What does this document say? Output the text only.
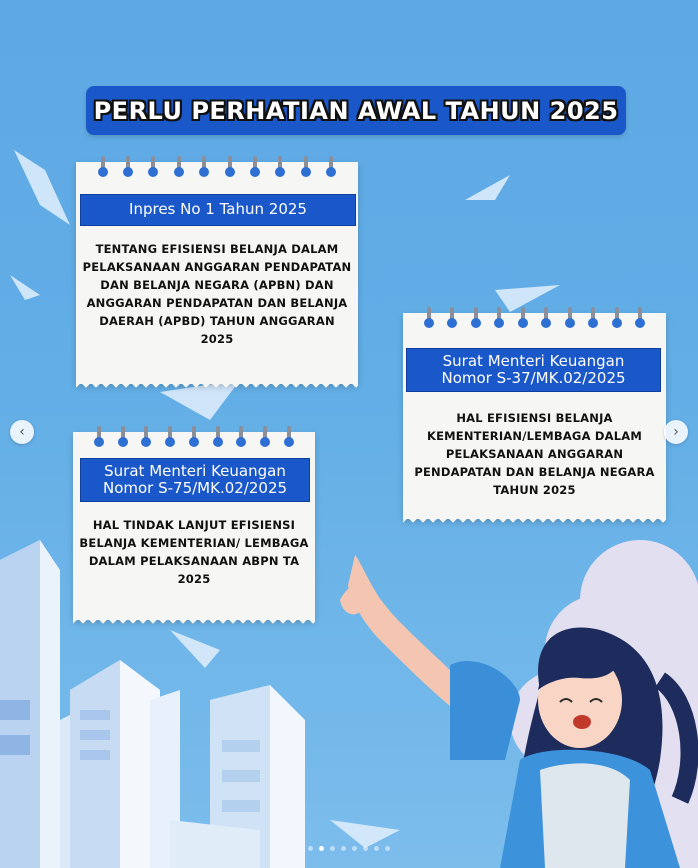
PERLU PERHATIAN AWAL TAHUN 2025
Inpres No 1 Tahun 2025
TENTANG EFISIENSI BELANJA DALAM PELAKSANAAN ANGGARAN PENDAPATAN DAN BELANJA NEGARA (APBN) DAN ANGGARAN PENDAPATAN DAN BELANJA DAERAH (APBD) TAHUN ANGGARAN 2025
Surat Menteri Keuangan Nomor S-37/MK.02/2025
HAL EFISIENSI BELANJA KEMENTERIAN/LEMBAGA DALAM PELAKSANAAN ANGGARAN PENDAPATAN DAN BELANJA NEGARA TAHUN 2025
Surat Menteri Keuangan Nomor S-75/MK.02/2025
HAL TINDAK LANJUT EFISIENSI BELANJA KEMENTERIAN/ LEMBAGA DALAM PELAKSANAAN ABPN TA 2025
‹	›
